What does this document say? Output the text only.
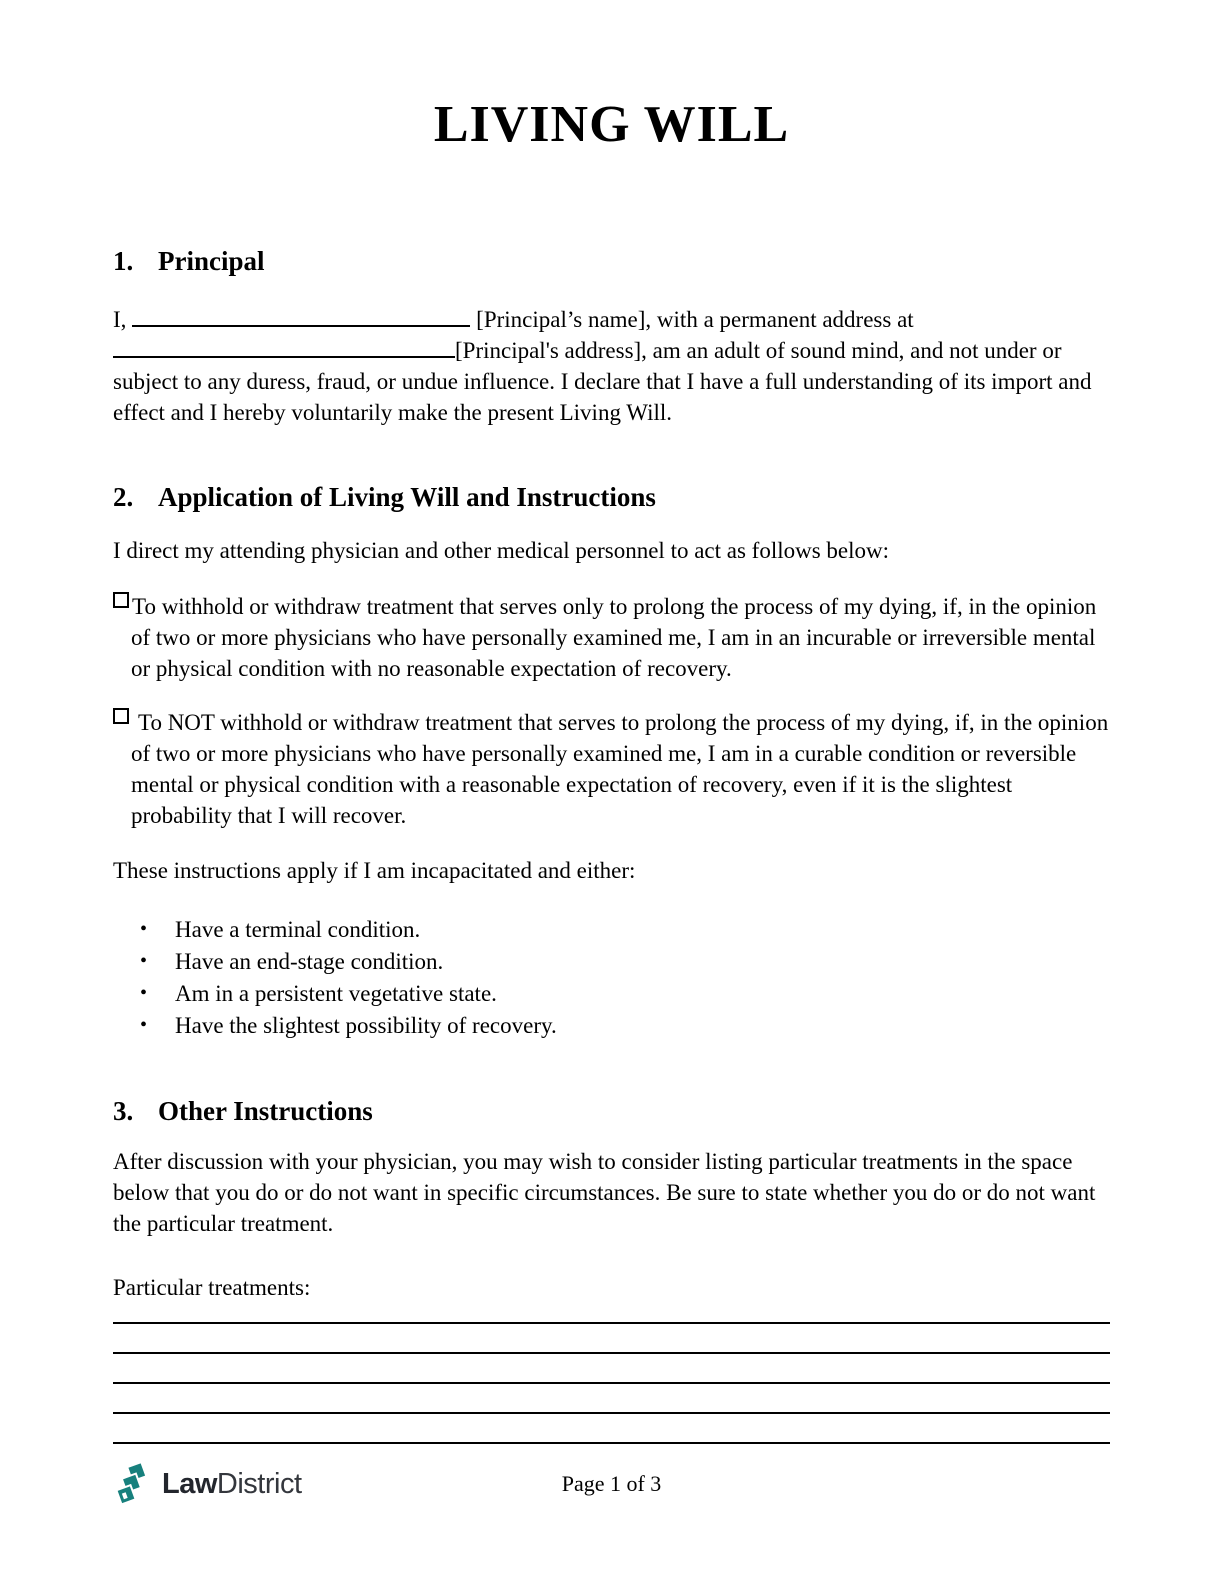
LIVING WILL
1. Principal
I,	[Principal’s name], with a permanent address at [Principal's address], am an adult of sound mind, and not under or subject to any duress, fraud, or undue influence. I declare that I have a full understanding of its import and effect and I hereby voluntarily make the present Living Will.
2. Application of Living Will and Instructions
I direct my attending physician and other medical personnel to act as follows below:
To withhold or withdraw treatment that serves only to prolong the process of my dying, if, in the opinion of two or more physicians who have personally examined me, I am in an incurable or irreversible mental or physical condition with no reasonable expectation of recovery.
To NOT withhold or withdraw treatment that serves to prolong the process of my dying, if, in the opinion of two or more physicians who have personally examined me, I am in a curable condition or reversible mental or physical condition with a reasonable expectation of recovery, even if it is the slightest probability that I will recover.
These instructions apply if I am incapacitated and either:
• Have a terminal condition.
• Have an end-stage condition.
• Am in a persistent vegetative state.
• Have the slightest possibility of recovery.
3. Other Instructions
After discussion with your physician, you may wish to consider listing particular treatments in the space below that you do or do not want in specific circumstances. Be sure to state whether you do or do not want the particular treatment.
Particular treatments:
LawDistrict	Page 1 of 3
